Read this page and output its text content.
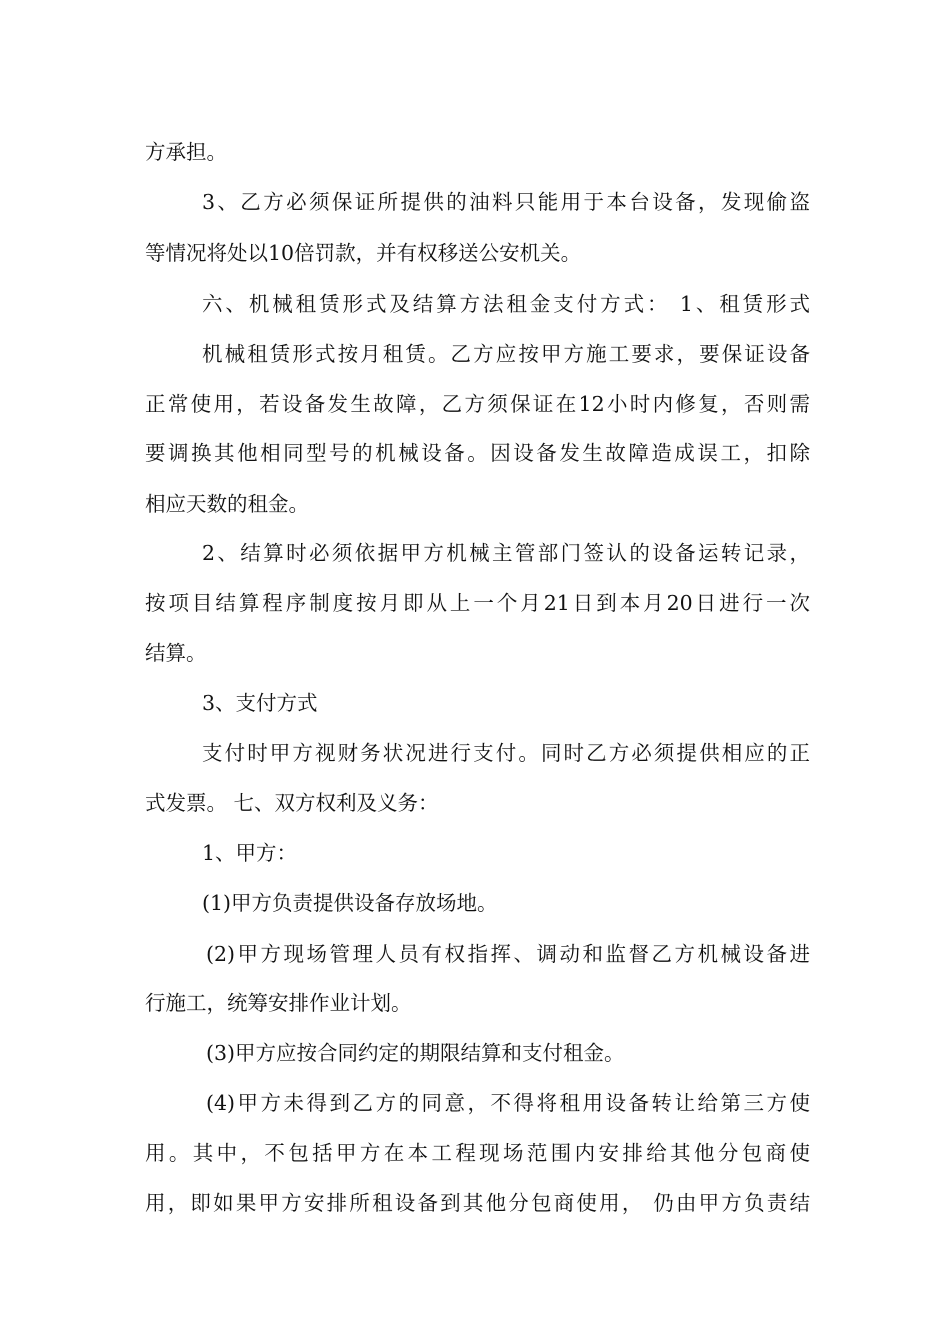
方承担。
3、乙方必须保证所提供的油料只能用于本台设备，发现偷盗
等情况将处以10倍罚款，并有权移送公安机关。
六、机械租赁形式及结算方法租金支付方式： 1、租赁形式
机械租赁形式按月租赁。乙方应按甲方施工要求，要保证设备
正常使用，若设备发生故障，乙方须保证在12小时内修复，否则需
要调换其他相同型号的机械设备。因设备发生故障造成误工，扣除
相应天数的租金。
2、结算时必须依据甲方机械主管部门签认的设备运转记录，
按项目结算程序制度按月即从上一个月21日到本月20日进行一次
结算。
3、支付方式
支付时甲方视财务状况进行支付。同时乙方必须提供相应的正
式发票。 七、双方权利及义务：
1、甲方：
(1)甲方负责提供设备存放场地。
(2)甲方现场管理人员有权指挥、调动和监督乙方机械设备进
行施工，统筹安排作业计划。
(3)甲方应按合同约定的期限结算和支付租金。
(4)甲方未得到乙方的同意，不得将租用设备转让给第三方使
用。其中，不包括甲方在本工程现场范围内安排给其他分包商使
用，即如果甲方安排所租设备到其他分包商使用， 仍由甲方负责结
